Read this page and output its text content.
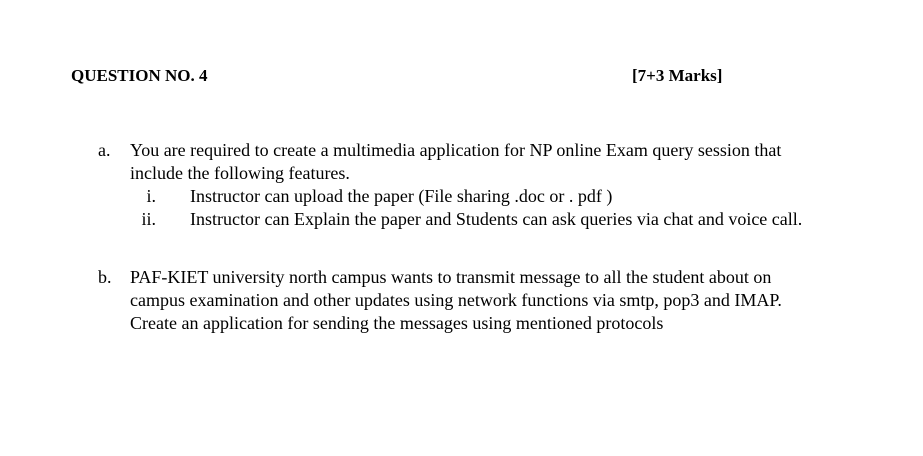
QUESTION NO. 4	[7+3 Marks]
a. You are required to create a multimedia application for NP online Exam query session that
include the following features.
i. Instructor can upload the paper (File sharing .doc or . pdf )
ii. Instructor can Explain the paper and Students can ask queries via chat and voice call.
b. PAF-KIET university north campus wants to transmit message to all the student about on
campus examination and other updates using network functions via smtp, pop3 and IMAP.
Create an application for sending the messages using mentioned protocols
